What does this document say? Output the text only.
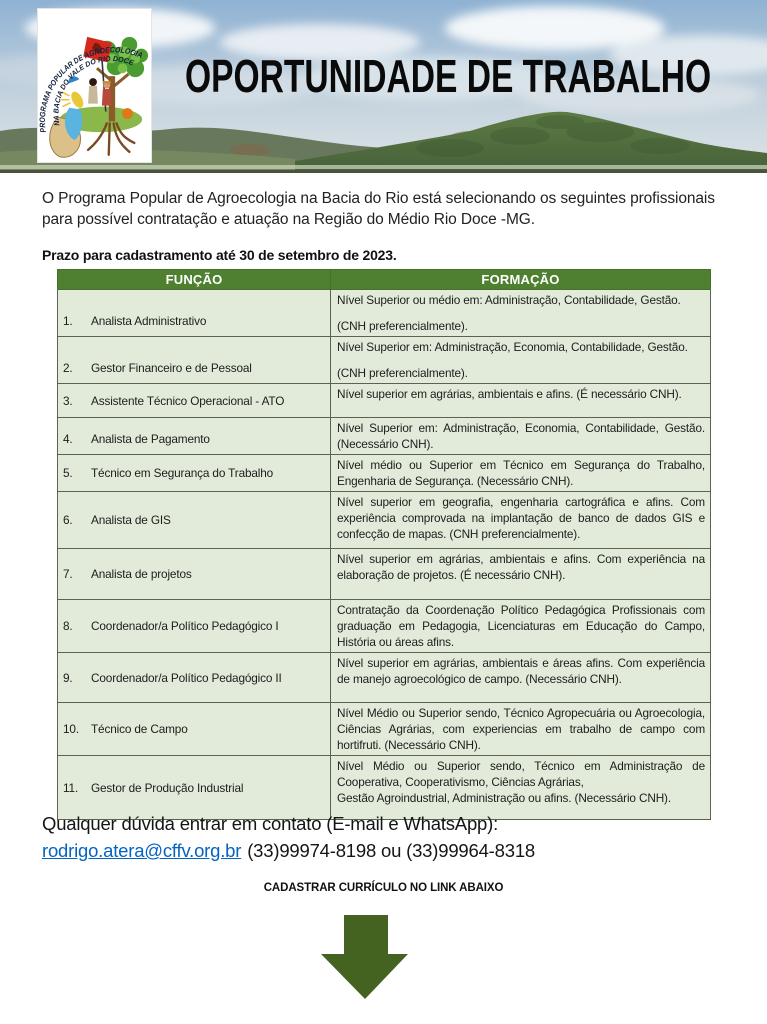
OPORTUNIDADE DE TRABALHO
PROGRAMA POPULAR DE AGROECOLOGIA
NA BACIA DO VALE DO RIO DOCE
O Programa Popular de Agroecologia na Bacia do Rio está selecionando os seguintes profissionais para possível contratação e atuação na Região do Médio Rio Doce -MG.
Prazo para cadastramento até 30 de setembro de 2023.
FUNÇÃO	FORMAÇÃO
1. Analista Administrativo	Nível Superior ou médio em: Administração, Contabilidade, Gestão.
(CNH preferencialmente).

2. Gestor Financeiro e de Pessoal	Nível Superior em: Administração, Economia, Contabilidade, Gestão.
(CNH preferencialmente).

3. Assistente Técnico Operacional - ATO	Nível superior em agrárias, ambientais e afins. (É necessário CNH).

4. Analista de Pagamento	Nível Superior em: Administração, Economia, Contabilidade, Gestão. (Necessário CNH).

5. Técnico em Segurança do Trabalho	Nível médio ou Superior em Técnico em Segurança do Trabalho, Engenharia de Segurança. (Necessário CNH).

6. Analista de GIS	Nível superior em geografia, engenharia cartográfica e afins. Com experiência comprovada na implantação de banco de dados GIS e confecção de mapas. (CNH preferencialmente).

7. Analista de projetos	Nível superior em agrárias, ambientais e afins. Com experiência na elaboração de projetos. (É necessário CNH).

8. Coordenador/a Político Pedagógico I	Contratação da Coordenação Político Pedagógica Profissionais com graduação em Pedagogia, Licenciaturas em Educação do Campo, História ou áreas afins.

9. Coordenador/a Político Pedagógico II	Nível superior em agrárias, ambientais e áreas afins. Com experiência de manejo agroecológico de campo. (Necessário CNH).

10. Técnico de Campo	Nível Médio ou Superior sendo, Técnico Agropecuária ou Agroecologia, Ciências Agrárias, com experiencias em trabalho de campo com hortifruti. (Necessário CNH).

11. Gestor de Produção Industrial	Nível Médio ou Superior sendo, Técnico em Administração de Cooperativa, Cooperativismo, Ciências Agrárias,
Gestão Agroindustrial, Administração ou afins. (Necessário CNH).
Qualquer dúvida entrar em contato (E-mail e WhatsApp):
rodrigo.atera@cffv.org.br (33)99974-8198 ou (33)99964-8318
CADASTRAR CURRÍCULO NO LINK ABAIXO
